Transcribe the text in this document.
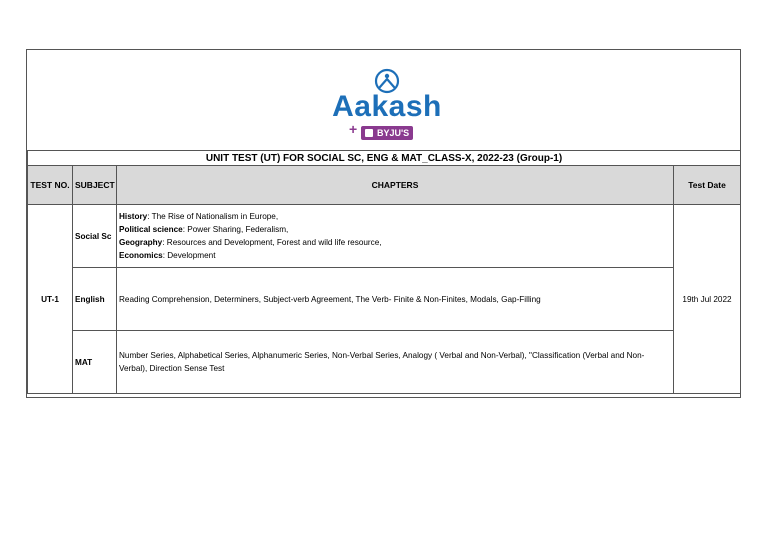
Aakash
+	BYJU'S
UNIT TEST (UT) FOR SOCIAL SC, ENG & MAT_CLASS-X, 2022-23 (Group-1)			
TEST NO.	SUBJECT	CHAPTERS	Test Date
UT-1	Social Sc	History: The Rise of Nationalism in Europe,
Political science: Power Sharing, Federalism,
Geography: Resources and Development, Forest and wild life resource,
Economics: Development	19th Jul 2022
	English	Reading Comprehension, Determiners, Subject-verb Agreement, The Verb- Finite & Non-Finites, Modals, Gap-Filling	
	MAT	Number Series, Alphabetical Series, Alphanumeric Series, Non-Verbal Series, Analogy ( Verbal and Non-Verbal), "Classification (Verbal and Non-Verbal), Direction Sense Test	
